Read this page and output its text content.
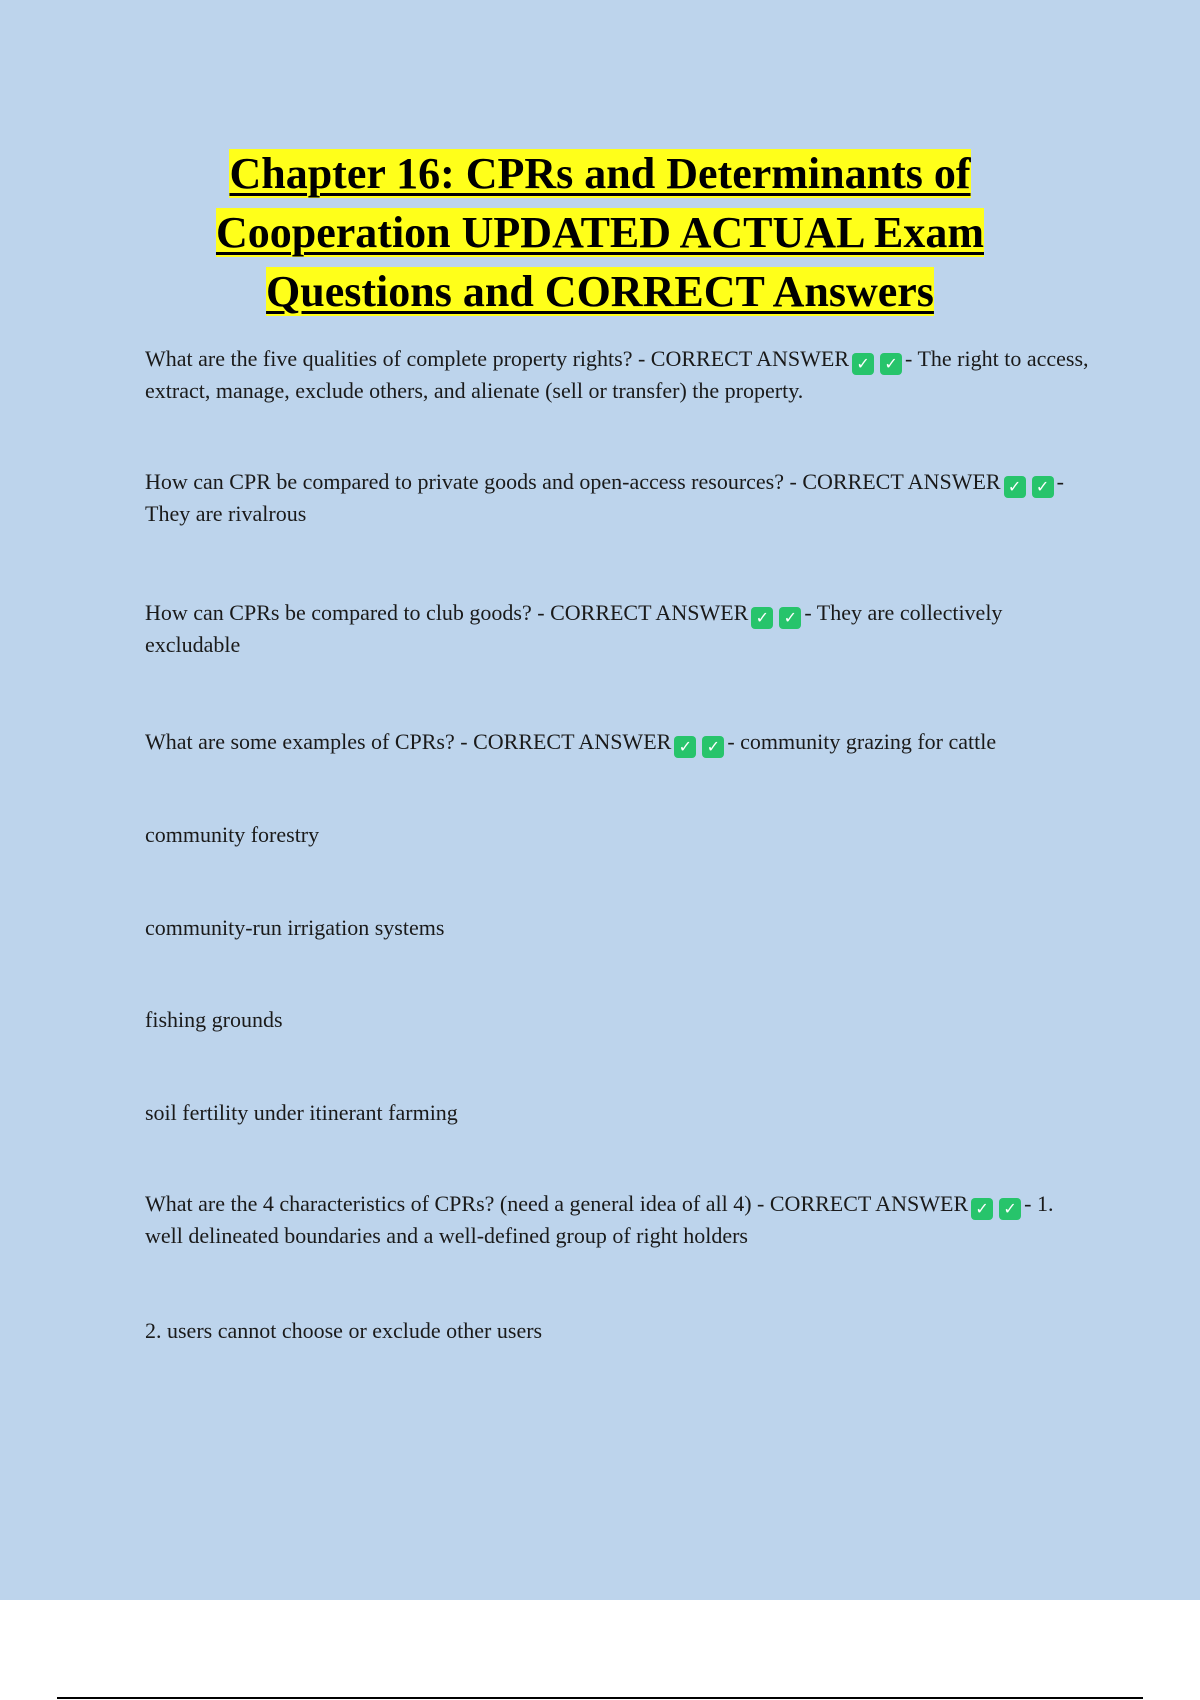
Chapter 16: CPRs and Determinants of Cooperation UPDATED ACTUAL Exam Questions and CORRECT Answers

What are the five qualities of complete property rights? - CORRECT ANSWER ✓ ✓ - The right to access, extract, manage, exclude others, and alienate (sell or transfer) the property.

How can CPR be compared to private goods and open-access resources? - CORRECT ANSWER ✓ ✓ - They are rivalrous

How can CPRs be compared to club goods? - CORRECT ANSWER ✓ ✓ - They are collectively excludable

What are some examples of CPRs? - CORRECT ANSWER ✓ ✓ - community grazing for cattle

community forestry

community-run irrigation systems

fishing grounds

soil fertility under itinerant farming

What are the 4 characteristics of CPRs? (need a general idea of all 4) - CORRECT ANSWER ✓ ✓ - 1. well delineated boundaries and a well-defined group of right holders

2. users cannot choose or exclude other users
